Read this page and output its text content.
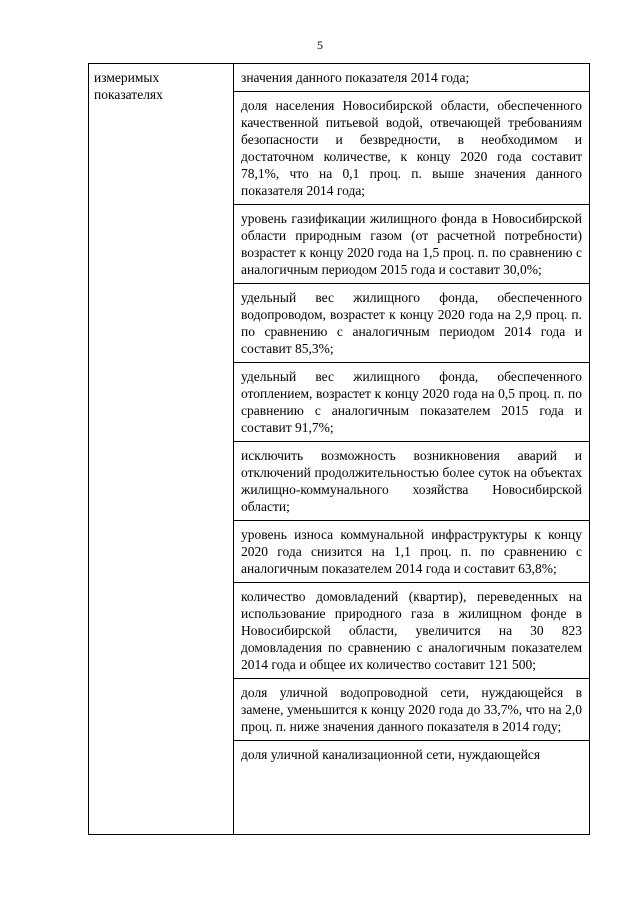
5
измеримых показателях
значения данного показателя 2014 года;
доля населения Новосибирской области, обеспеченного качественной питьевой водой, отвечающей требованиям безопасности и безвредности, в необходимом и достаточном количестве, к концу 2020 года составит 78,1%, что на 0,1 проц. п. выше значения данного показателя 2014 года;
уровень газификации жилищного фонда в Новосибирской области природным газом (от расчетной потребности) возрастет к концу 2020 года на 1,5 проц. п. по сравнению с аналогичным периодом 2015 года и составит 30,0%;
удельный вес жилищного фонда, обеспеченного водопроводом, возрастет к концу 2020 года на 2,9 проц. п. по сравнению с аналогичным периодом 2014 года и составит 85,3%;
удельный вес жилищного фонда, обеспеченного отоплением, возрастет к концу 2020 года на 0,5 проц. п. по сравнению с аналогичным показателем 2015 года и составит 91,7%;
исключить возможность возникновения аварий и отключений продолжительностью более суток на объектах жилищно-коммунального хозяйства Новосибирской области;
уровень износа коммунальной инфраструктуры к концу 2020 года снизится на 1,1 проц. п. по сравнению с аналогичным показателем 2014 года и составит 63,8%;
количество домовладений (квартир), переведенных на использование природного газа в жилищном фонде в Новосибирской области, увеличится на 30 823 домовладения по сравнению с аналогичным показателем 2014 года и общее их количество составит 121 500;
доля уличной водопроводной сети, нуждающейся в замене, уменьшится к концу 2020 года до 33,7%, что на 2,0 проц. п. ниже значения данного показателя в 2014 году;
доля уличной канализационной сети, нуждающейся
